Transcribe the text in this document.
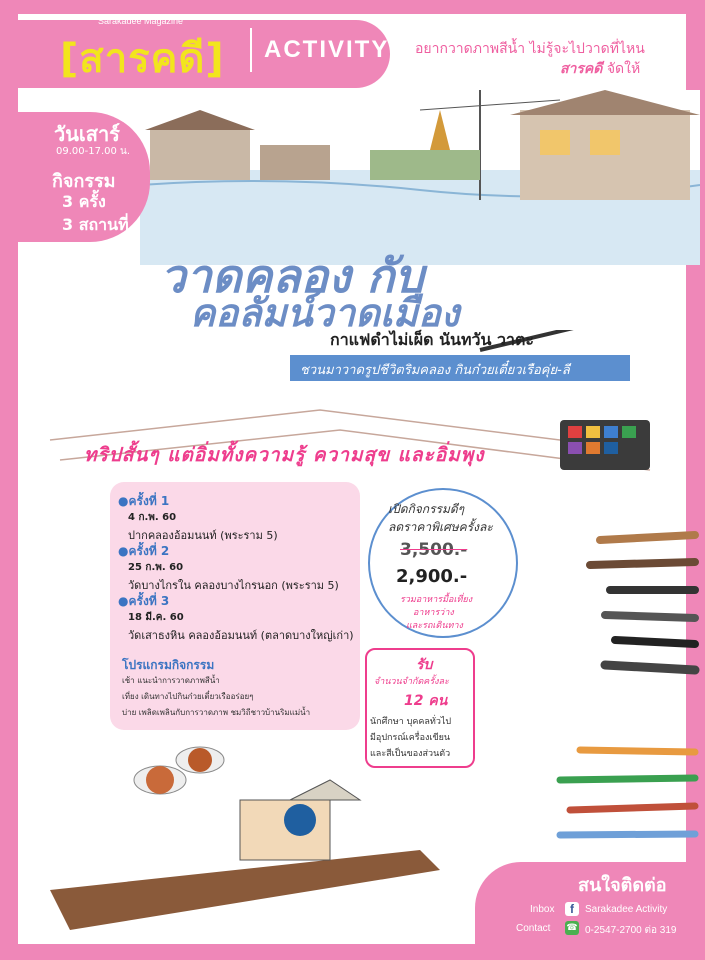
Sarakadee Magazine
[สารคดี] ACTIVITY อยากวาดภาพสีน้ำ ไม่รู้จะไปวาดที่ไหน
สารคดี จัดให้
วันเสาร์
09.00-17.00 น.
กิจกรรม
3 ครั้ง
3 สถานที่
วาดคลอง กับ
คอลัมน์วาดเมือง
กาแฟดำไม่เผ็ด นันทวัน วาตะ
ชวนมาวาดรูปชีวิตริมคลอง กินก๋วยเตี๋ยวเรือคุ่ย-ลี
ทริปสั้นๆ แต่อิ่มทั้งความรู้ ความสุข และอิ่มพุง
●ครั้งที่ 1
4 ก.พ. 60
ปากคลองอ้อมนนท์ (พระราม 5)
●ครั้งที่ 2
25 ก.พ. 60
วัดบางไกรใน คลองบางไกรนอก (พระราม 5)
●ครั้งที่ 3
18 มี.ค. 60
วัดเสาธงหิน คลองอ้อมนนท์ (ตลาดบางใหญ่เก่า)
โปรแกรมกิจกรรม
เช้า แนะนำการวาดภาพสีน้ำ
เที่ยง เดินทางไปกินก๋วยเตี๋ยวเรืออร่อยๆ
บ่าย เพลิดเพลินกับการวาดภาพ ชมวิถีชาวบ้านริมแม่น้ำ
เปิดกิจกรรมดีๆ
ลดราคาพิเศษครั้งละ
3,500.-
2,900.-
รวมอาหารมื้อเที่ยง
อาหารว่าง
และรถเดินทาง
รับ
จำนวนจำกัดครั้งละ
12 คน
นักศึกษา บุคคลทั่วไป
มีอุปกรณ์เครื่องเขียน
และสีเป็นของส่วนตัว
สนใจติดต่อ
Inbox	f	Sarakadee Activity
Contact ☎ 0-2547-2700 ต่อ 319
